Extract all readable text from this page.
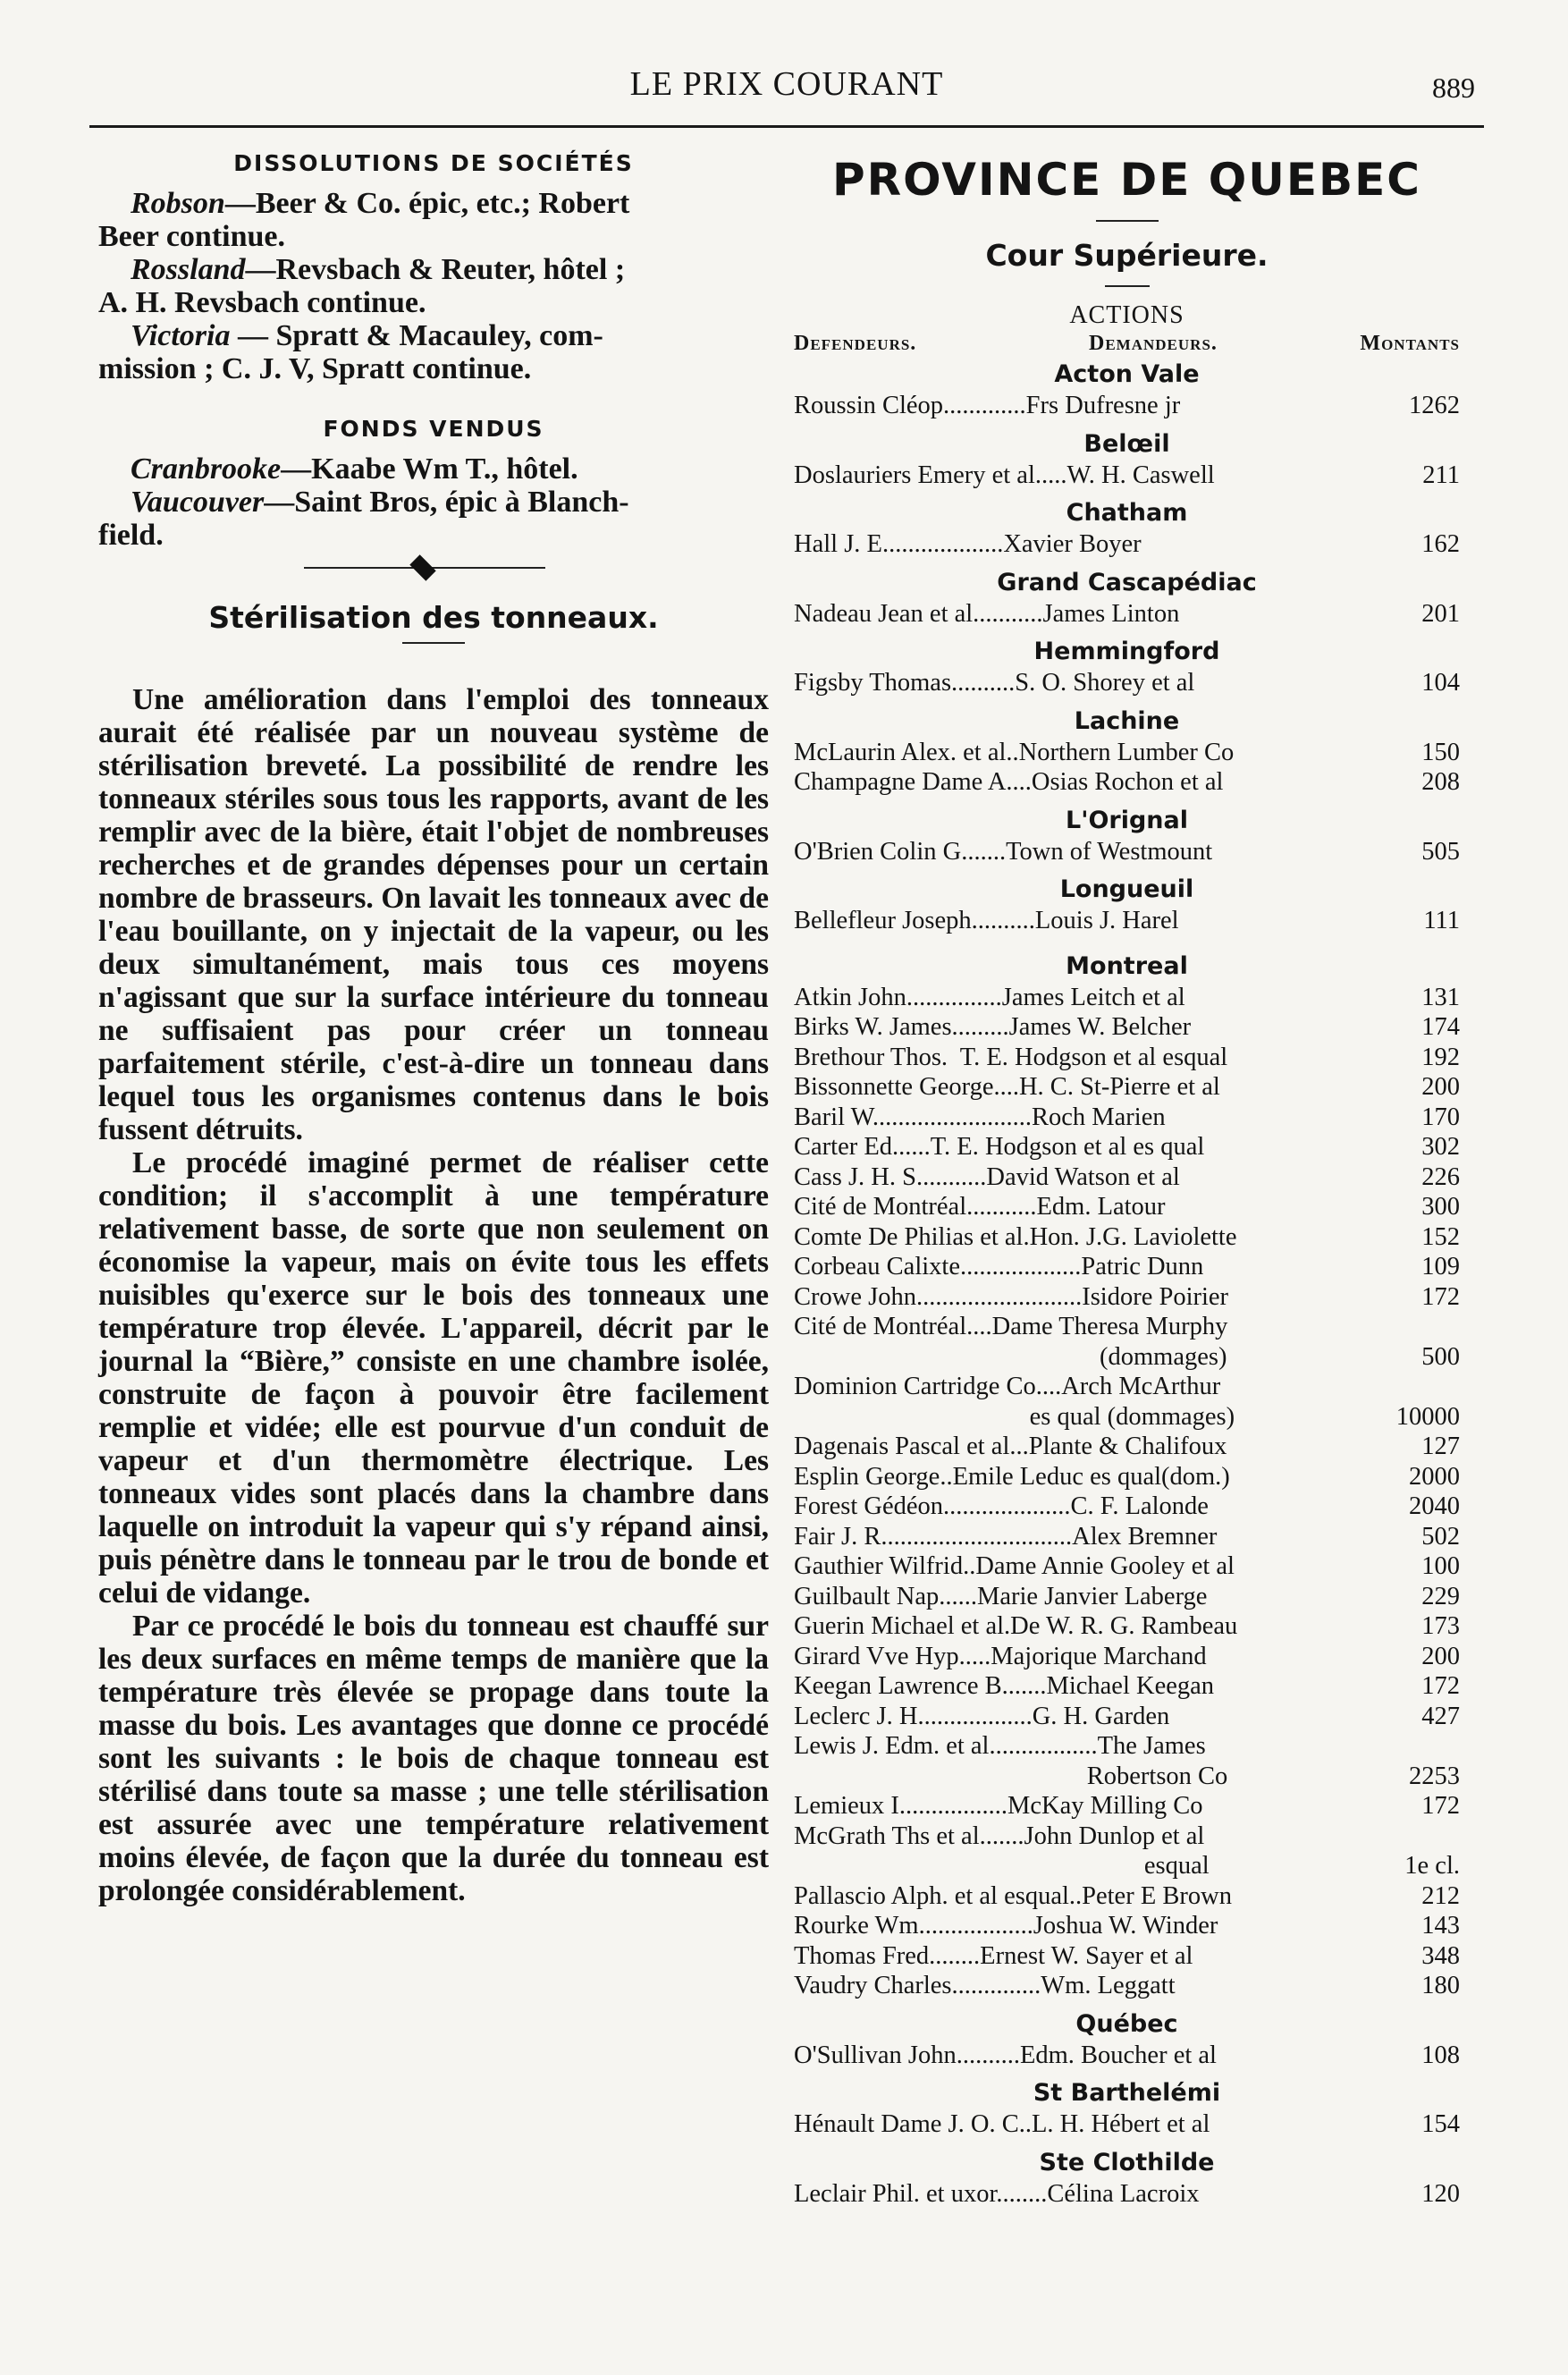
LE PRIX COURANT	889
DISSOLUTIONS DE SOCIÉTÉS

Robson—Beer & Co. épic, etc.; Robert
Beer continue.

Rossland—Revsbach & Reuter, hôtel ;
A. H. Revsbach continue.

Victoria — Spratt & Macauley, com-
mission ; C. J. V, Spratt continue.

FONDS VENDUS

Cranbrooke—Kaabe Wm T., hôtel.

Vaucouver—Saint Bros, épic à Blanch-
field.

Stérilisation des tonneaux.

Une amélioration dans l'emploi des tonneaux aurait été réalisée par un nouveau système de stérilisation breveté. La possibilité de rendre les tonneaux stériles sous tous les rapports, avant de les remplir avec de la bière, était l'objet de nombreuses recherches et de grandes dépenses pour un certain nombre de brasseurs. On lavait les tonneaux avec de l'eau bouillante, on y injectait de la vapeur, ou les deux simultanément, mais tous ces moyens n'agissant que sur la surface intérieure du tonneau ne suffisaient pas pour créer un tonneau parfaitement stérile, c'est-à-dire un tonneau dans lequel tous les organismes contenus dans le bois fussent détruits.

Le procédé imaginé permet de réaliser cette condition; il s'accomplit à une température relativement basse, de sorte que non seulement on économise la vapeur, mais on évite tous les effets nuisibles qu'exerce sur le bois des tonneaux une température trop élevée. L'appareil, décrit par le journal la “Bière,” consiste en une chambre isolée, construite de façon à pouvoir être facilement remplie et vidée; elle est pourvue d'un conduit de vapeur et d'un thermomètre électrique. Les tonneaux vides sont placés dans la chambre dans laquelle on introduit la vapeur qui s'y répand ainsi, puis pénètre dans le tonneau par le trou de bonde et celui de vidange.

Par ce procédé le bois du tonneau est chauffé sur les deux surfaces en même temps de manière que la température très élevée se propage dans toute la masse du bois. Les avantages que donne ce procédé sont les suivants : le bois de chaque tonneau est stérilisé dans toute sa masse ; une telle stérilisation est assurée avec une température relativement moins élevée, de façon que la durée du tonneau est prolongée considérablement.

PROVINCE DE QUEBEC
Cour Supérieure.
ACTIONS
Defendeurs.	Demandeurs.	Montants
Acton Vale
Roussin Cléop.............Frs Dufresne jr	1262
Belœil
Doslauriers Emery et al.....W. H. Caswell	211
Chatham
Hall J. E...................Xavier Boyer	162
Grand Cascapédiac
Nadeau Jean et al...........James Linton	201
Hemmingford
Figsby Thomas..........S. O. Shorey et al	104
Lachine
McLaurin Alex. et al..Northern Lumber Co	150
Champagne Dame A....Osias Rochon et al	208
L'Orignal
O'Brien Colin G.......Town of Westmount	505
Longueuil
Bellefleur Joseph..........Louis J. Harel	111
Montreal
Atkin John...............James Leitch et al	131
Birks W. James.........James W. Belcher	174
Brethour Thos.  T. E. Hodgson et al esqual	192
Bissonnette George....H. C. St-Pierre et al	200
Baril W.........................Roch Marien	170
Carter Ed......T. E. Hodgson et al es qual	302
Cass J. H. S...........David Watson et al	226
Cité de Montréal...........Edm. Latour	300
Comte De Philias et al.Hon. J.G. Laviolette	152
Corbeau Calixte...................Patric Dunn	109
Crowe John..........................Isidore Poirier	172
Cité de Montréal....Dame Theresa Murphy
(dommages)	500
Dominion Cartridge Co....Arch McArthur
es qual (dommages)	10000
Dagenais Pascal et al...Plante & Chalifoux	127
Esplin George..Emile Leduc es qual(dom.)	2000
Forest Gédéon....................C. F. Lalonde	2040
Fair J. R..............................Alex Bremner	502
Gauthier Wilfrid..Dame Annie Gooley et al	100
Guilbault Nap......Marie Janvier Laberge	229
Guerin Michael et al.De W. R. G. Rambeau	173
Girard Vve Hyp.....Majorique Marchand	200
Keegan Lawrence B.......Michael Keegan	172
Leclerc J. H..................G. H. Garden	427
Lewis J. Edm. et al.................The James
Robertson Co	2253
Lemieux I.................McKay Milling Co	172
McGrath Ths et al.......John Dunlop et al
esqual	1e cl.
Pallascio Alph. et al esqual..Peter E Brown	212
Rourke Wm..................Joshua W. Winder	143
Thomas Fred........Ernest W. Sayer et al	348
Vaudry Charles..............Wm. Leggatt	180
Québec
O'Sullivan John..........Edm. Boucher et al	108
St Barthelémi
Hénault Dame J. O. C..L. H. Hébert et al	154
Ste Clothilde
Leclair Phil. et uxor........Célina Lacroix	120
